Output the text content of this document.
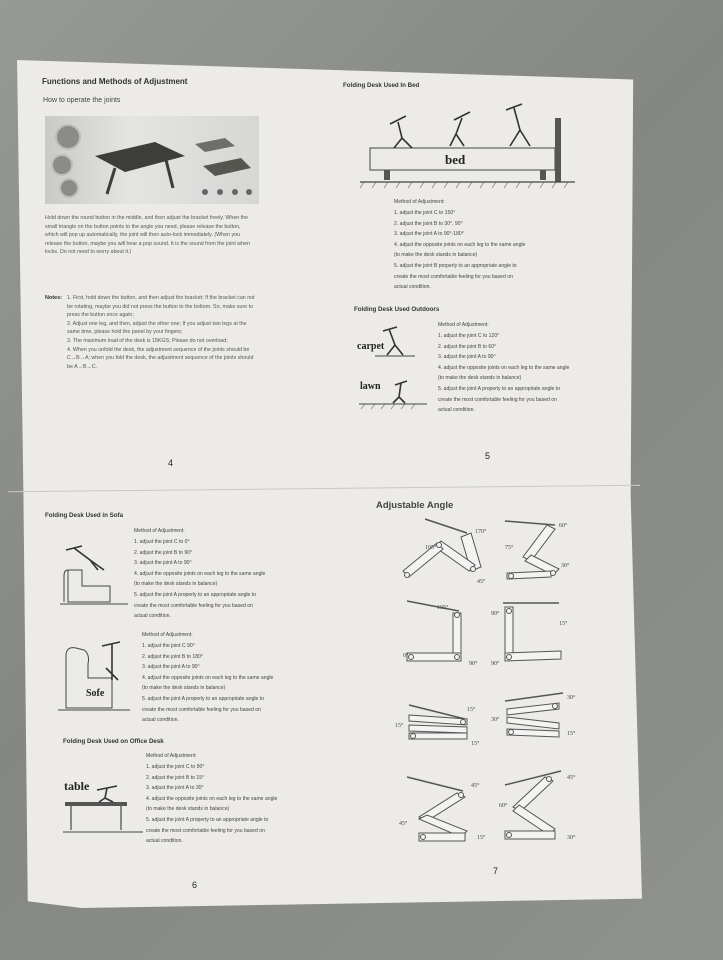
Functions and Methods of Adjustment
How to operate the joints
Hold down the round button in the middle, and then adjust the bracket freely. When the
small triangle on the button points to the angle you need, please release the button,
which will pop up automatically, the joint will then auto-lock immediately. (When you
release the button, maybe you will hear a pop sound. It is the sound from the joint when
locks. Do not need to worry about it.)
Notes: 1. First, hold down the button, and then adjust the bracket; If the bracket can not
be rotating, maybe you did not press the button to the bottom. So, make sure to
press the button once again;
2. Adjust one leg, and then, adjust the other one; If you adjust two legs at the
same time, please hold the panel by your fingers;
3. The maximum load of the desk is 15KGS; Please do not overload;
4. When you unfold the desk, the adjustment sequence of the joints should be
C→B→A; when you fold the desk, the adjustment sequence of the joints should
be A→B→C.
4
Folding Desk Used In Bed
bed
Method of Adjustment:
1. adjust the joint C to 150°
2. adjust the joint B to 30°, 90°
3. adjust the joint A to 90°-180°
4. adjust the opposite joints on each leg to the same angle
(to make the desk stands in balance)
5. adjust the joint B properly to an appropriate angle to
create the most comfortable feeling for you based on
actual condition.
Folding Desk Used Outdoors
carpet
lawn
Method of Adjustment:
1. adjust the joint C to 120°
2. adjust the joint B to 60°
3. adjust the joint A to 90°
4. adjust the opposite joints on each leg to the same angle
(to make the desk stands in balance)
5. adjust the joint A properly to an appropriate angle to
create the most comfortable feeling for you based on
actual condition.
5
Folding Desk Used in Sofa
Method of Adjustment:
1. adjust the joint C to 0°
2. adjust the joint B to 90°
3. adjust the joint A to 90°
4. adjust the opposite joints on each leg to the same angle
(to make the desk stands in balance)
5. adjust the joint A properly to an appropriate angle to
create the most comfortable feeling for you based on
actual condition.
Sofe
Method of Adjustment:
1. adjust the joint C 90°
2. adjust the joint B to 180°
3. adjust the joint A to 90°
4. adjust the opposite joints on each leg to the same angle
(to make the desk stands in balance)
5. adjust the joint A properly to an appropriate angle to
create the most comfortable feeling for you based on
actual condition.
Folding Desk Used on Office Desk
table
Method of Adjustment:
1. adjust the joint C to 90°
2. adjust the joint B to 15°
3. adjust the joint A to 30°
4. adjust the opposite joints on each leg to the same angle
(to make the desk stands in balance)
5. adjust the joint A property to an appropriate angle to
create the most comfortable feeling for you based on
actual condition.
6
Adjustable Angle
170°
105°
45°
60°
75°
30°
105°
0°
90°
90°
15°
90°
15°
15°
15°
30°
30°
15°
45°
45°
15°
45°
60°
30°
7
